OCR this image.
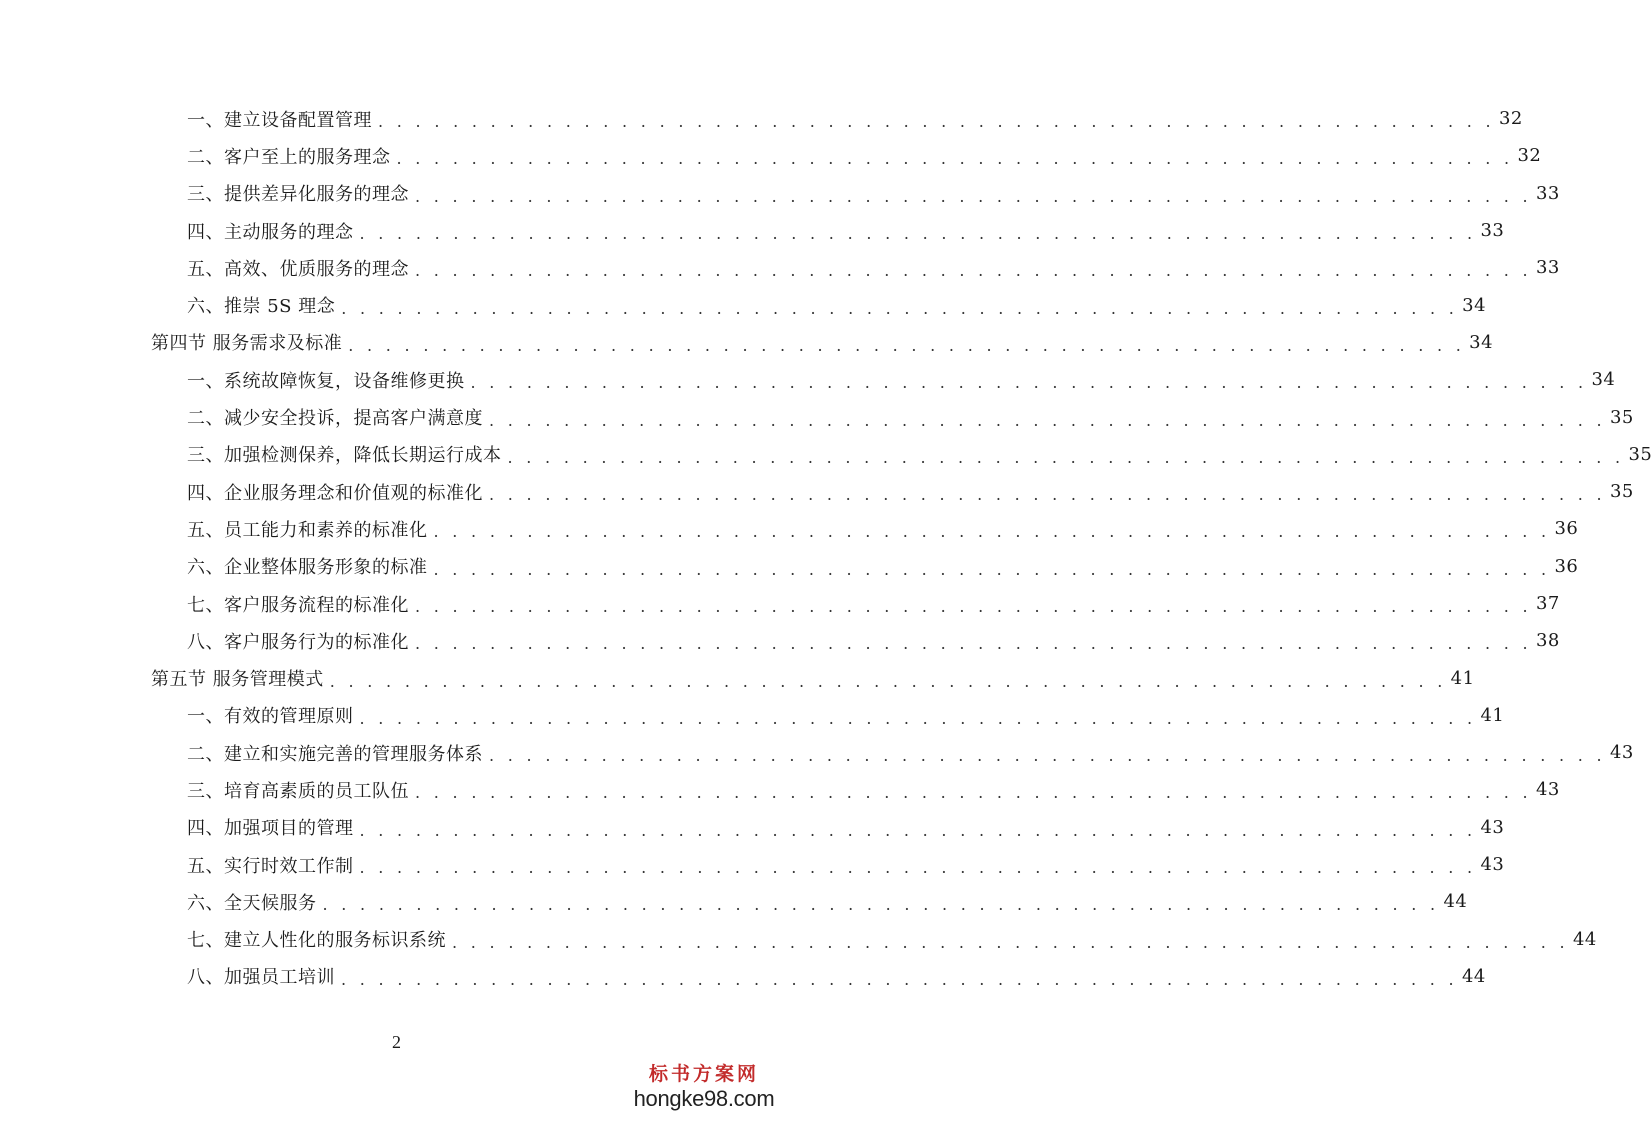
一、建立设备配置管理 . . . . . . . . . . . . . . . . . . . . . . . . . . . . . . . . . . . . . . . . . . . . . . . . . . . . . . . . . . . . 32
二、客户至上的服务理念 . . . . . . . . . . . . . . . . . . . . . . . . . . . . . . . . . . . . . . . . . . . . . . . . . . . . . . . . . . . . 32
三、提供差异化服务的理念 . . . . . . . . . . . . . . . . . . . . . . . . . . . . . . . . . . . . . . . . . . . . . . . . . . . . . . . . . . . . 33
四、主动服务的理念 . . . . . . . . . . . . . . . . . . . . . . . . . . . . . . . . . . . . . . . . . . . . . . . . . . . . . . . . . . . . 33
五、高效、优质服务的理念 . . . . . . . . . . . . . . . . . . . . . . . . . . . . . . . . . . . . . . . . . . . . . . . . . . . . . . . . . . . . 33
六、推崇 5S 理念 . . . . . . . . . . . . . . . . . . . . . . . . . . . . . . . . . . . . . . . . . . . . . . . . . . . . . . . . . . . . 34
第四节 服务需求及标准 . . . . . . . . . . . . . . . . . . . . . . . . . . . . . . . . . . . . . . . . . . . . . . . . . . . . . . . . . . . . 34
一、系统故障恢复，设备维修更换 . . . . . . . . . . . . . . . . . . . . . . . . . . . . . . . . . . . . . . . . . . . . . . . . . . . . . . . . . . . . 34
二、减少安全投诉，提高客户满意度 . . . . . . . . . . . . . . . . . . . . . . . . . . . . . . . . . . . . . . . . . . . . . . . . . . . . . . . . . . . . 35
三、加强检测保养，降低长期运行成本 . . . . . . . . . . . . . . . . . . . . . . . . . . . . . . . . . . . . . . . . . . . . . . . . . . . . . . . . . . . . 35
四、企业服务理念和价值观的标准化 . . . . . . . . . . . . . . . . . . . . . . . . . . . . . . . . . . . . . . . . . . . . . . . . . . . . . . . . . . . . 35
五、员工能力和素养的标准化 . . . . . . . . . . . . . . . . . . . . . . . . . . . . . . . . . . . . . . . . . . . . . . . . . . . . . . . . . . . . 36
六、企业整体服务形象的标准 . . . . . . . . . . . . . . . . . . . . . . . . . . . . . . . . . . . . . . . . . . . . . . . . . . . . . . . . . . . . 36
七、客户服务流程的标准化 . . . . . . . . . . . . . . . . . . . . . . . . . . . . . . . . . . . . . . . . . . . . . . . . . . . . . . . . . . . . 37
八、客户服务行为的标准化 . . . . . . . . . . . . . . . . . . . . . . . . . . . . . . . . . . . . . . . . . . . . . . . . . . . . . . . . . . . . 38
第五节 服务管理模式 . . . . . . . . . . . . . . . . . . . . . . . . . . . . . . . . . . . . . . . . . . . . . . . . . . . . . . . . . . . . 41
一、有效的管理原则 . . . . . . . . . . . . . . . . . . . . . . . . . . . . . . . . . . . . . . . . . . . . . . . . . . . . . . . . . . . . 41
二、建立和实施完善的管理服务体系 . . . . . . . . . . . . . . . . . . . . . . . . . . . . . . . . . . . . . . . . . . . . . . . . . . . . . . . . . . . . 43
三、培育高素质的员工队伍 . . . . . . . . . . . . . . . . . . . . . . . . . . . . . . . . . . . . . . . . . . . . . . . . . . . . . . . . . . . . 43
四、加强项目的管理 . . . . . . . . . . . . . . . . . . . . . . . . . . . . . . . . . . . . . . . . . . . . . . . . . . . . . . . . . . . . 43
五、实行时效工作制 . . . . . . . . . . . . . . . . . . . . . . . . . . . . . . . . . . . . . . . . . . . . . . . . . . . . . . . . . . . . 43
六、全天候服务 . . . . . . . . . . . . . . . . . . . . . . . . . . . . . . . . . . . . . . . . . . . . . . . . . . . . . . . . . . . . 44
七、建立人性化的服务标识系统 . . . . . . . . . . . . . . . . . . . . . . . . . . . . . . . . . . . . . . . . . . . . . . . . . . . . . . . . . . . . 44
八、加强员工培训 . . . . . . . . . . . . . . . . . . . . . . . . . . . . . . . . . . . . . . . . . . . . . . . . . . . . . . . . . . . . 44
2
标书方案网
hongke98.com
